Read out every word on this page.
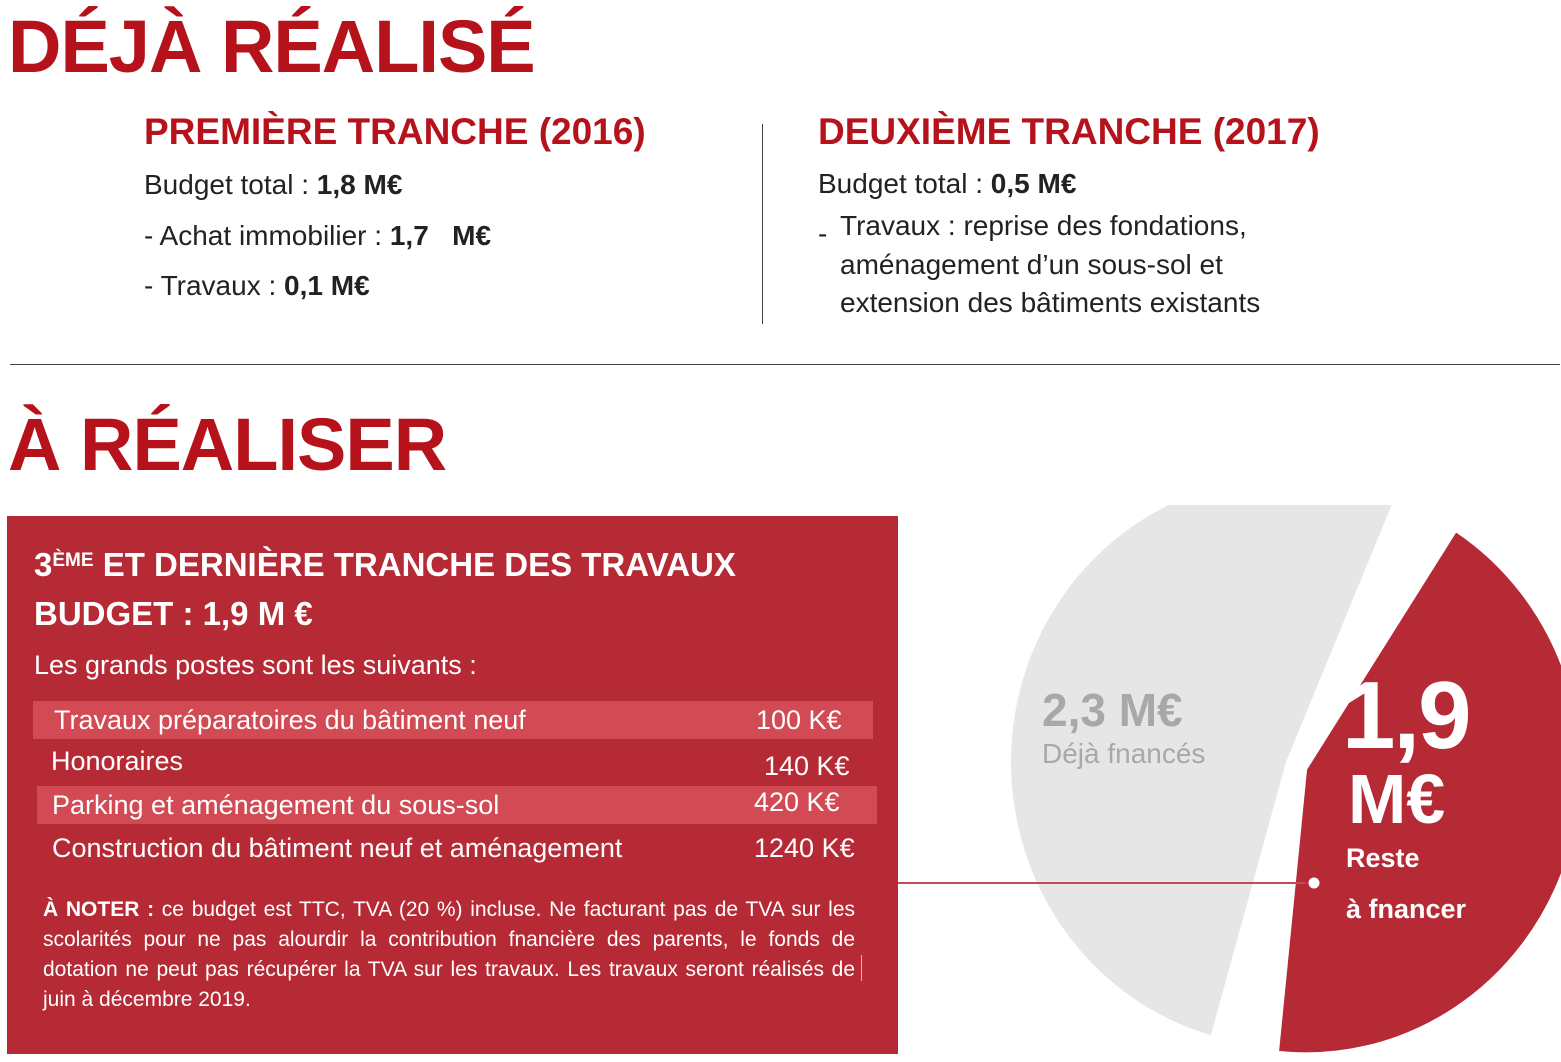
DÉJÀ RÉALISÉ
PREMIÈRE TRANCHE (2016)
Budget total : 1,8 M€
- Achat immobilier : 1,7   M€
- Travaux : 0,1 M€
DEUXIÈME TRANCHE (2017)
Budget total : 0,5 M€
- Travaux : reprise des fondations,
aménagement d’un sous-sol et
extension des bâtiments existants
À RÉALISER
3ÈME ET DERNIÈRE TRANCHE DES TRAVAUX
BUDGET : 1,9 M €
Les grands postes sont les suivants :
Travaux préparatoires du bâtiment neuf	100 K€
Honoraires	140 K€
Parking et aménagement du sous-sol	420 K€
Construction du bâtiment neuf et aménagement	1240 K€
À NOTER : ce budget est TTC, TVA (20 %) incluse. Ne facturant pas de TVA sur les scolarités pour ne pas alourdir la contribution fnancière des parents, le fonds de dotation ne peut pas récupérer la TVA sur les travaux. Les travaux seront réalisés de juin à décembre 2019.
2,3 M€
Déjà fnancés 1,9
M€
Reste
à fnancer
